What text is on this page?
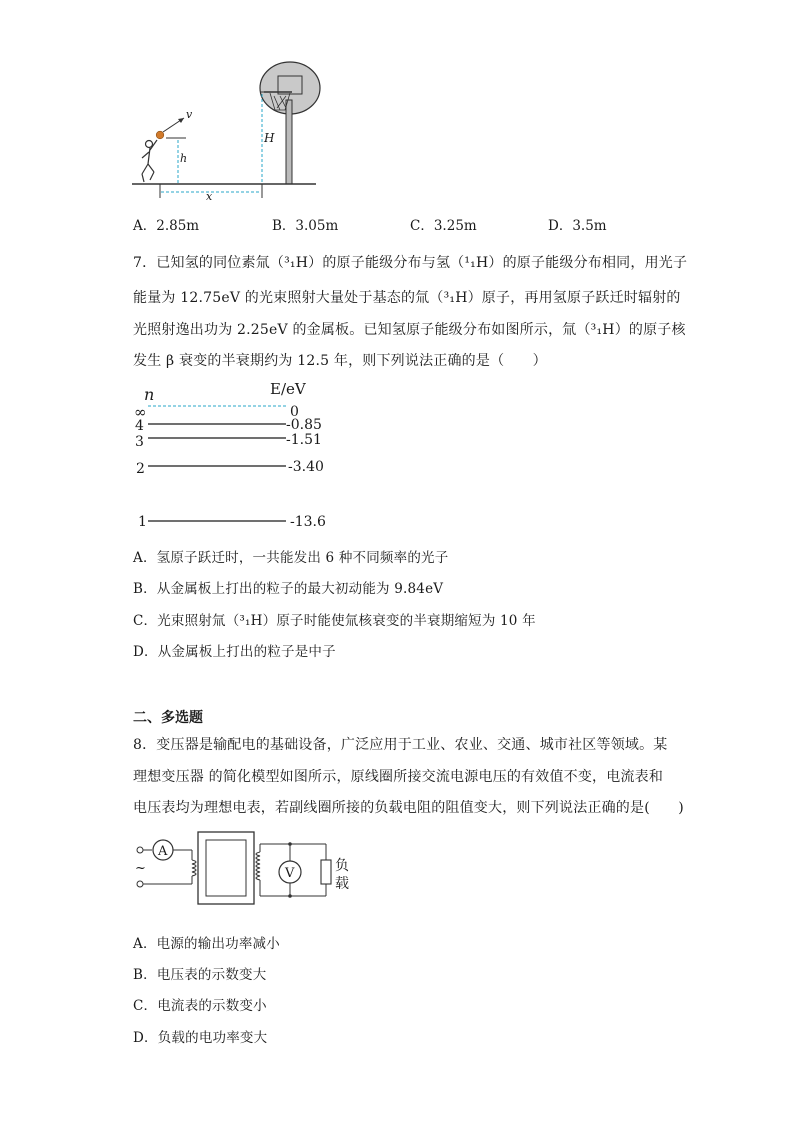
H
v
h
x
A．2.85m	B．3.05m	C．3.25m	D．3.5m
7．已知氢的同位素氚（³₁H）的原子能级分布与氢（¹₁H）的原子能级分布相同，用光子
能量为 12.75eV 的光束照射大量处于基态的氚（³₁H）原子，再用氢原子跃迁时辐射的
光照射逸出功为 2.25eV 的金属板。已知氢原子能级分布如图所示，氚（³₁H）的原子核
发生 β 衰变的半衰期约为 12.5 年，则下列说法正确的是（　　）
n	E/eV
∞	0
4	-0.85
3	-1.51
2	-3.40
1	-13.6
A．氢原子跃迁时，一共能发出 6 种不同频率的光子
B．从金属板上打出的粒子的最大初动能为 9.84eV
C．光束照射氚（³₁H）原子时能使氚核衰变的半衰期缩短为 10 年
D．从金属板上打出的粒子是中子
二、多选题
8．变压器是输配电的基础设备，广泛应用于工业、农业、交通、城市社区等领域。某
理想变压器 的简化模型如图所示，原线圈所接交流电源电压的有效值不变，电流表和
电压表均为理想电表，若副线圈所接的负载电阻的阻值变大，则下列说法正确的是(　　)
~
A
V	负
载
A．电源的输出功率减小
B．电压表的示数变大
C．电流表的示数变小
D．负载的电功率变大
